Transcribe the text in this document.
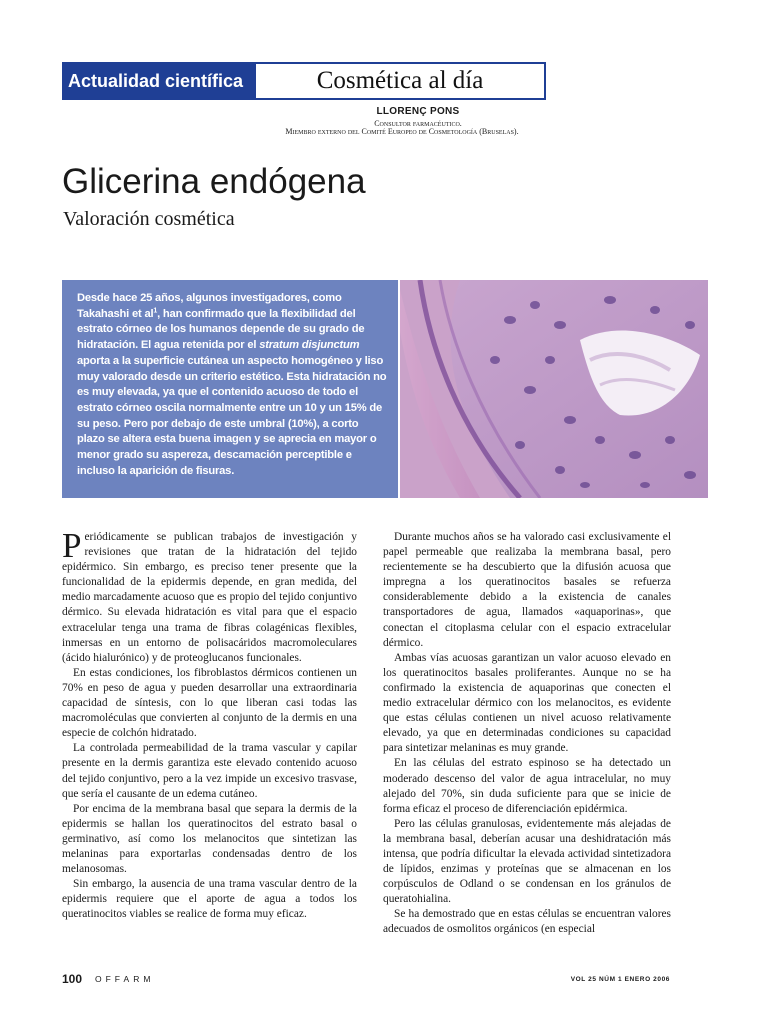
Actualidad científica	Cosmética al día
LLORENÇ PONS
Consultor farmacéutico.
Miembro externo del Comité Europeo de Cosmetología (Bruselas).
Glicerina endógena
Valoración cosmética
Desde hace 25 años, algunos investigadores, como Takahashi et $al^1$, han confirmado que la flexibilidad del estrato córneo de los humanos depende de su grado de hidratación. El agua retenida por el stratum disjunctum aporta a la superficie cutánea un aspecto homogéneo y liso muy valorado desde un criterio estético. Esta hidratación no es muy elevada, ya que el contenido acuoso de todo el estrato córneo oscila normalmente entre un 10 y un 15% de su peso. Pero por debajo de este umbral (10%), a corto plazo se altera esta buena imagen y se aprecia en mayor o menor grado su aspereza, descamación perceptible e incluso la aparición de fisuras.

Periódicamente se publican trabajos de investigación y revisiones que tratan de la hidratación del tejido epidérmico. Sin embargo, es preciso tener presente que la funcionalidad de la epidermis depende, en gran medida, del medio marcadamente acuoso que es propio del tejido conjuntivo dérmico. Su elevada hidratación es vital para que el espacio extracelular tenga una trama de fibras colagénicas flexibles, inmersas en un entorno de polisacáridos macromoleculares (ácido hialurónico) y de proteoglucanos funcionales.

En estas condiciones, los fibroblastos dérmicos contienen un 70% en peso de agua y pueden desarrollar una extraordinaria capacidad de síntesis, con lo que liberan casi todas las macromoléculas que convierten al conjunto de la dermis en una especie de colchón hidratado.

La controlada permeabilidad de la trama vascular y capilar presente en la dermis garantiza este elevado contenido acuoso del tejido conjuntivo, pero a la vez impide un excesivo trasvase, que sería el causante de un edema cutáneo.

Por encima de la membrana basal que separa la dermis de la epidermis se hallan los queratinocitos del estrato basal o germinativo, así como los melanocitos que sintetizan las melaninas para exportarlas condensadas dentro de los melanosomas.

Sin embargo, la ausencia de una trama vascular dentro de la epidermis requiere que el aporte de agua a todos los queratinocitos viables se realice de forma muy eficaz.

Durante muchos años se ha valorado casi exclusivamente el papel permeable que realizaba la membrana basal, pero recientemente se ha descubierto que la difusión acuosa que impregna a los queratinocitos basales se refuerza considerablemente debido a la existencia de canales transportadores de agua, llamados «aquaporinas», que conectan el citoplasma celular con el espacio extracelular dérmico.

Ambas vías acuosas garantizan un valor acuoso elevado en los queratinocitos basales proliferantes. Aunque no se ha confirmado la existencia de aquaporinas que conecten el medio extracelular dérmico con los melanocitos, es evidente que estas células contienen un nivel acuoso relativamente elevado, ya que en determinadas condiciones su capacidad para sintetizar melaninas es muy grande.

En las células del estrato espinoso se ha detectado un moderado descenso del valor de agua intracelular, no muy alejado del 70%, sin duda suficiente para que se inicie de forma eficaz el proceso de diferenciación epidérmica.

Pero las células granulosas, evidentemente más alejadas de la membrana basal, deberían acusar una deshidratación más intensa, que podría dificultar la elevada actividad sintetizadora de lípidos, enzimas y proteínas que se almacenan en los corpúsculos de Odland o se condensan en los gránulos de queratohialina.

Se ha demostrado que en estas células se encuentran valores adecuados de osmolitos orgánicos (en especial

100 OFFARM	VOL 25 NÚM 1 ENERO 2006
